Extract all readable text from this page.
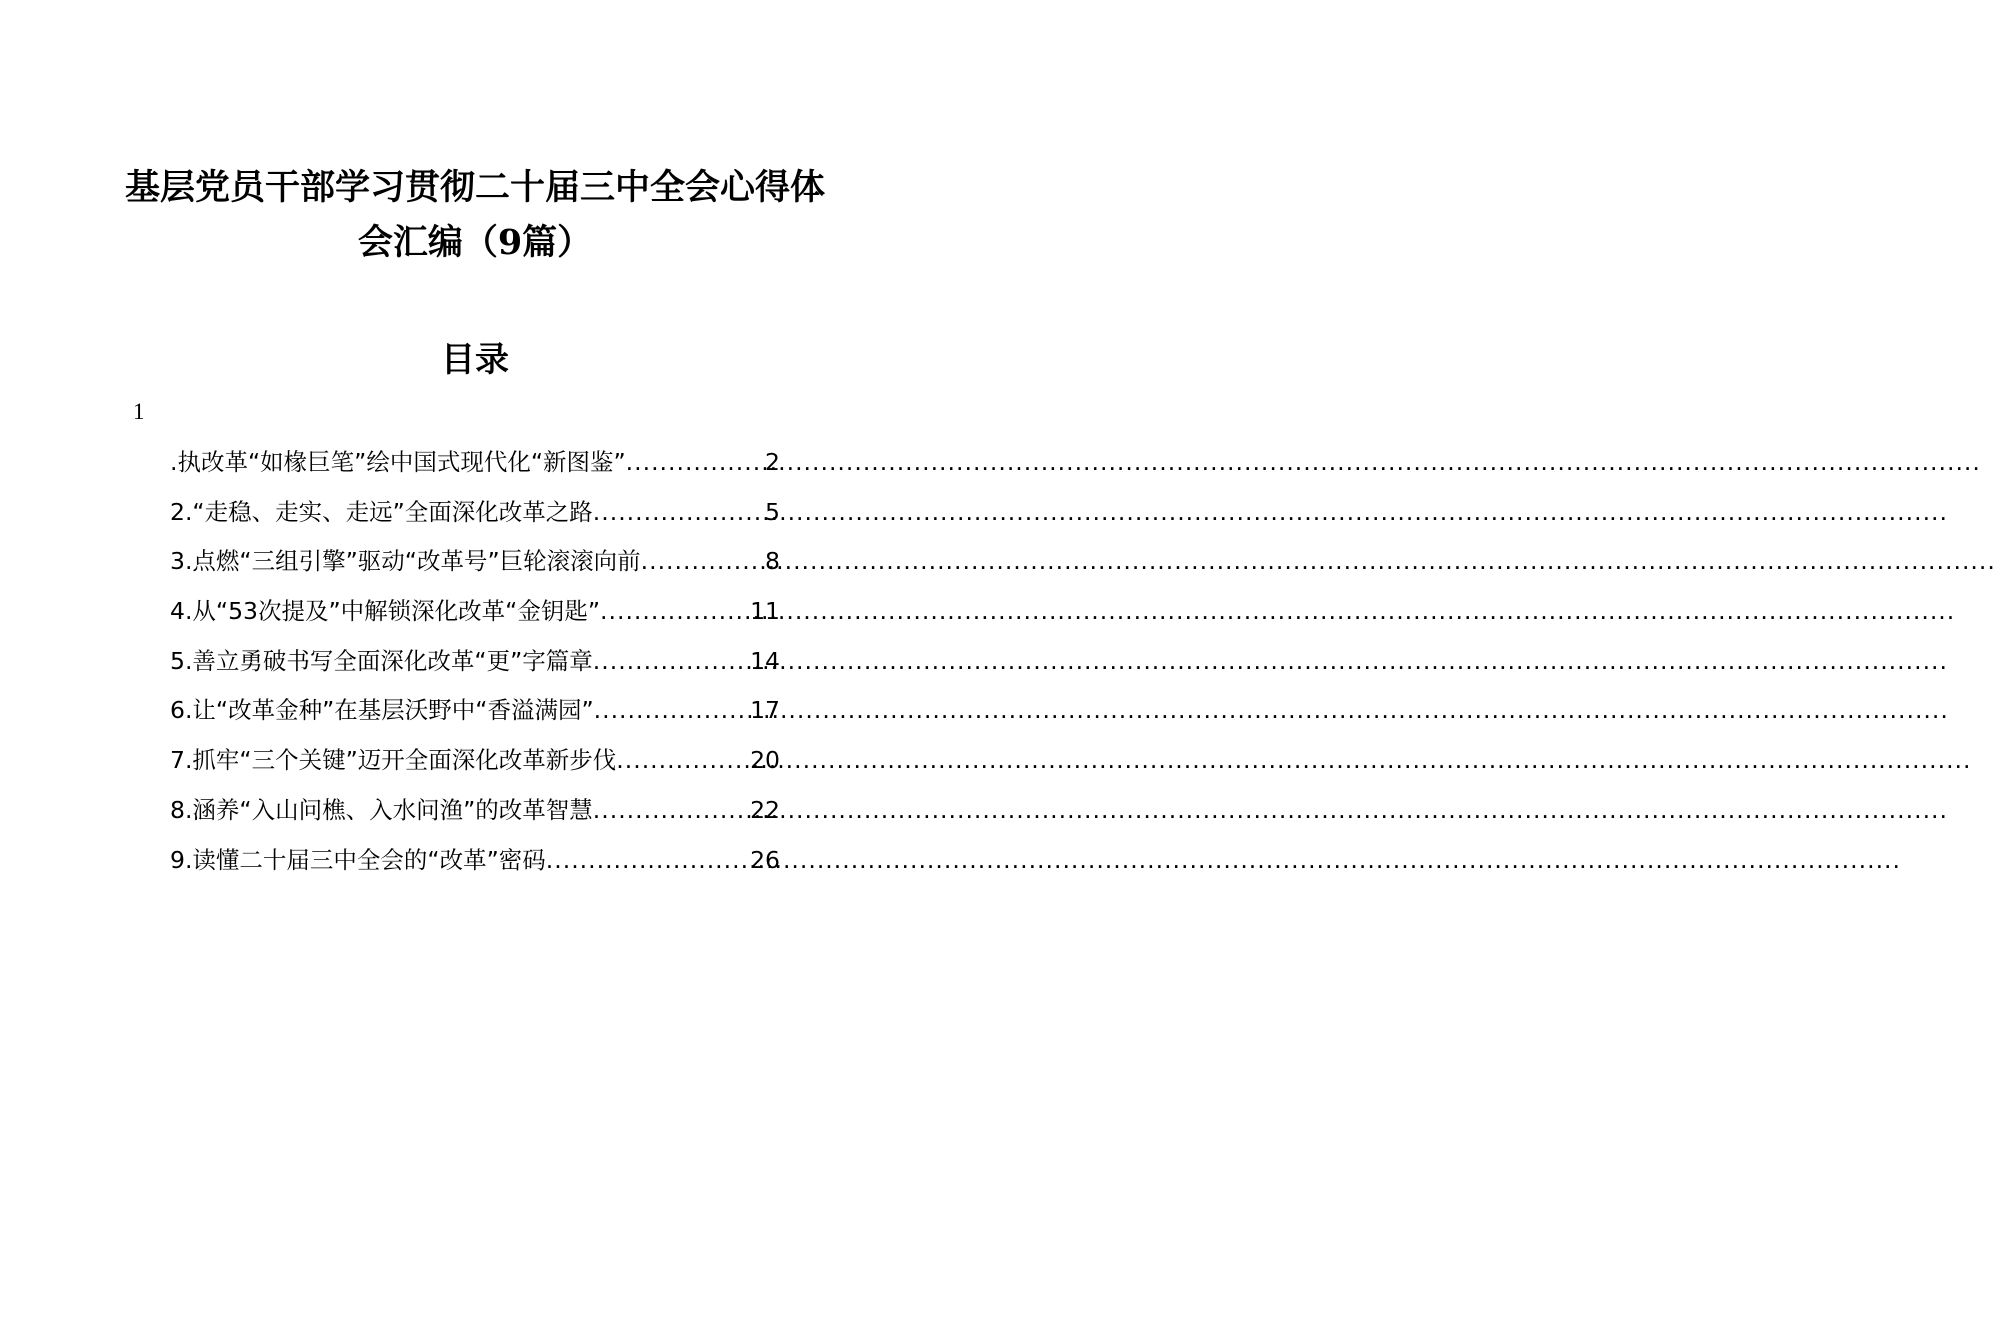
基层党员干部学习贯彻二十届三中全会心得体
会汇编（9篇）
目录
1
.执改革“如椽巨笔”绘中国式现代化“新图鉴” .....	2
2.“走稳、走实、走远”全面深化改革之路 .....	5
3.点燃“三组引擎”驱动“改革号”巨轮滚滚向前 .....	8
4.从“53次提及”中解锁深化改革“金钥匙” .....	11
5.善立勇破书写全面深化改革“更”字篇章 .....	14
6.让“改革金种”在基层沃野中“香溢满园” .....	17
7.抓牢“三个关键”迈开全面深化改革新步伐 .....	20
8.涵养“入山问樵、入水问渔”的改革智慧 .....	22
9.读懂二十届三中全会的“改革”密码 .....	26
